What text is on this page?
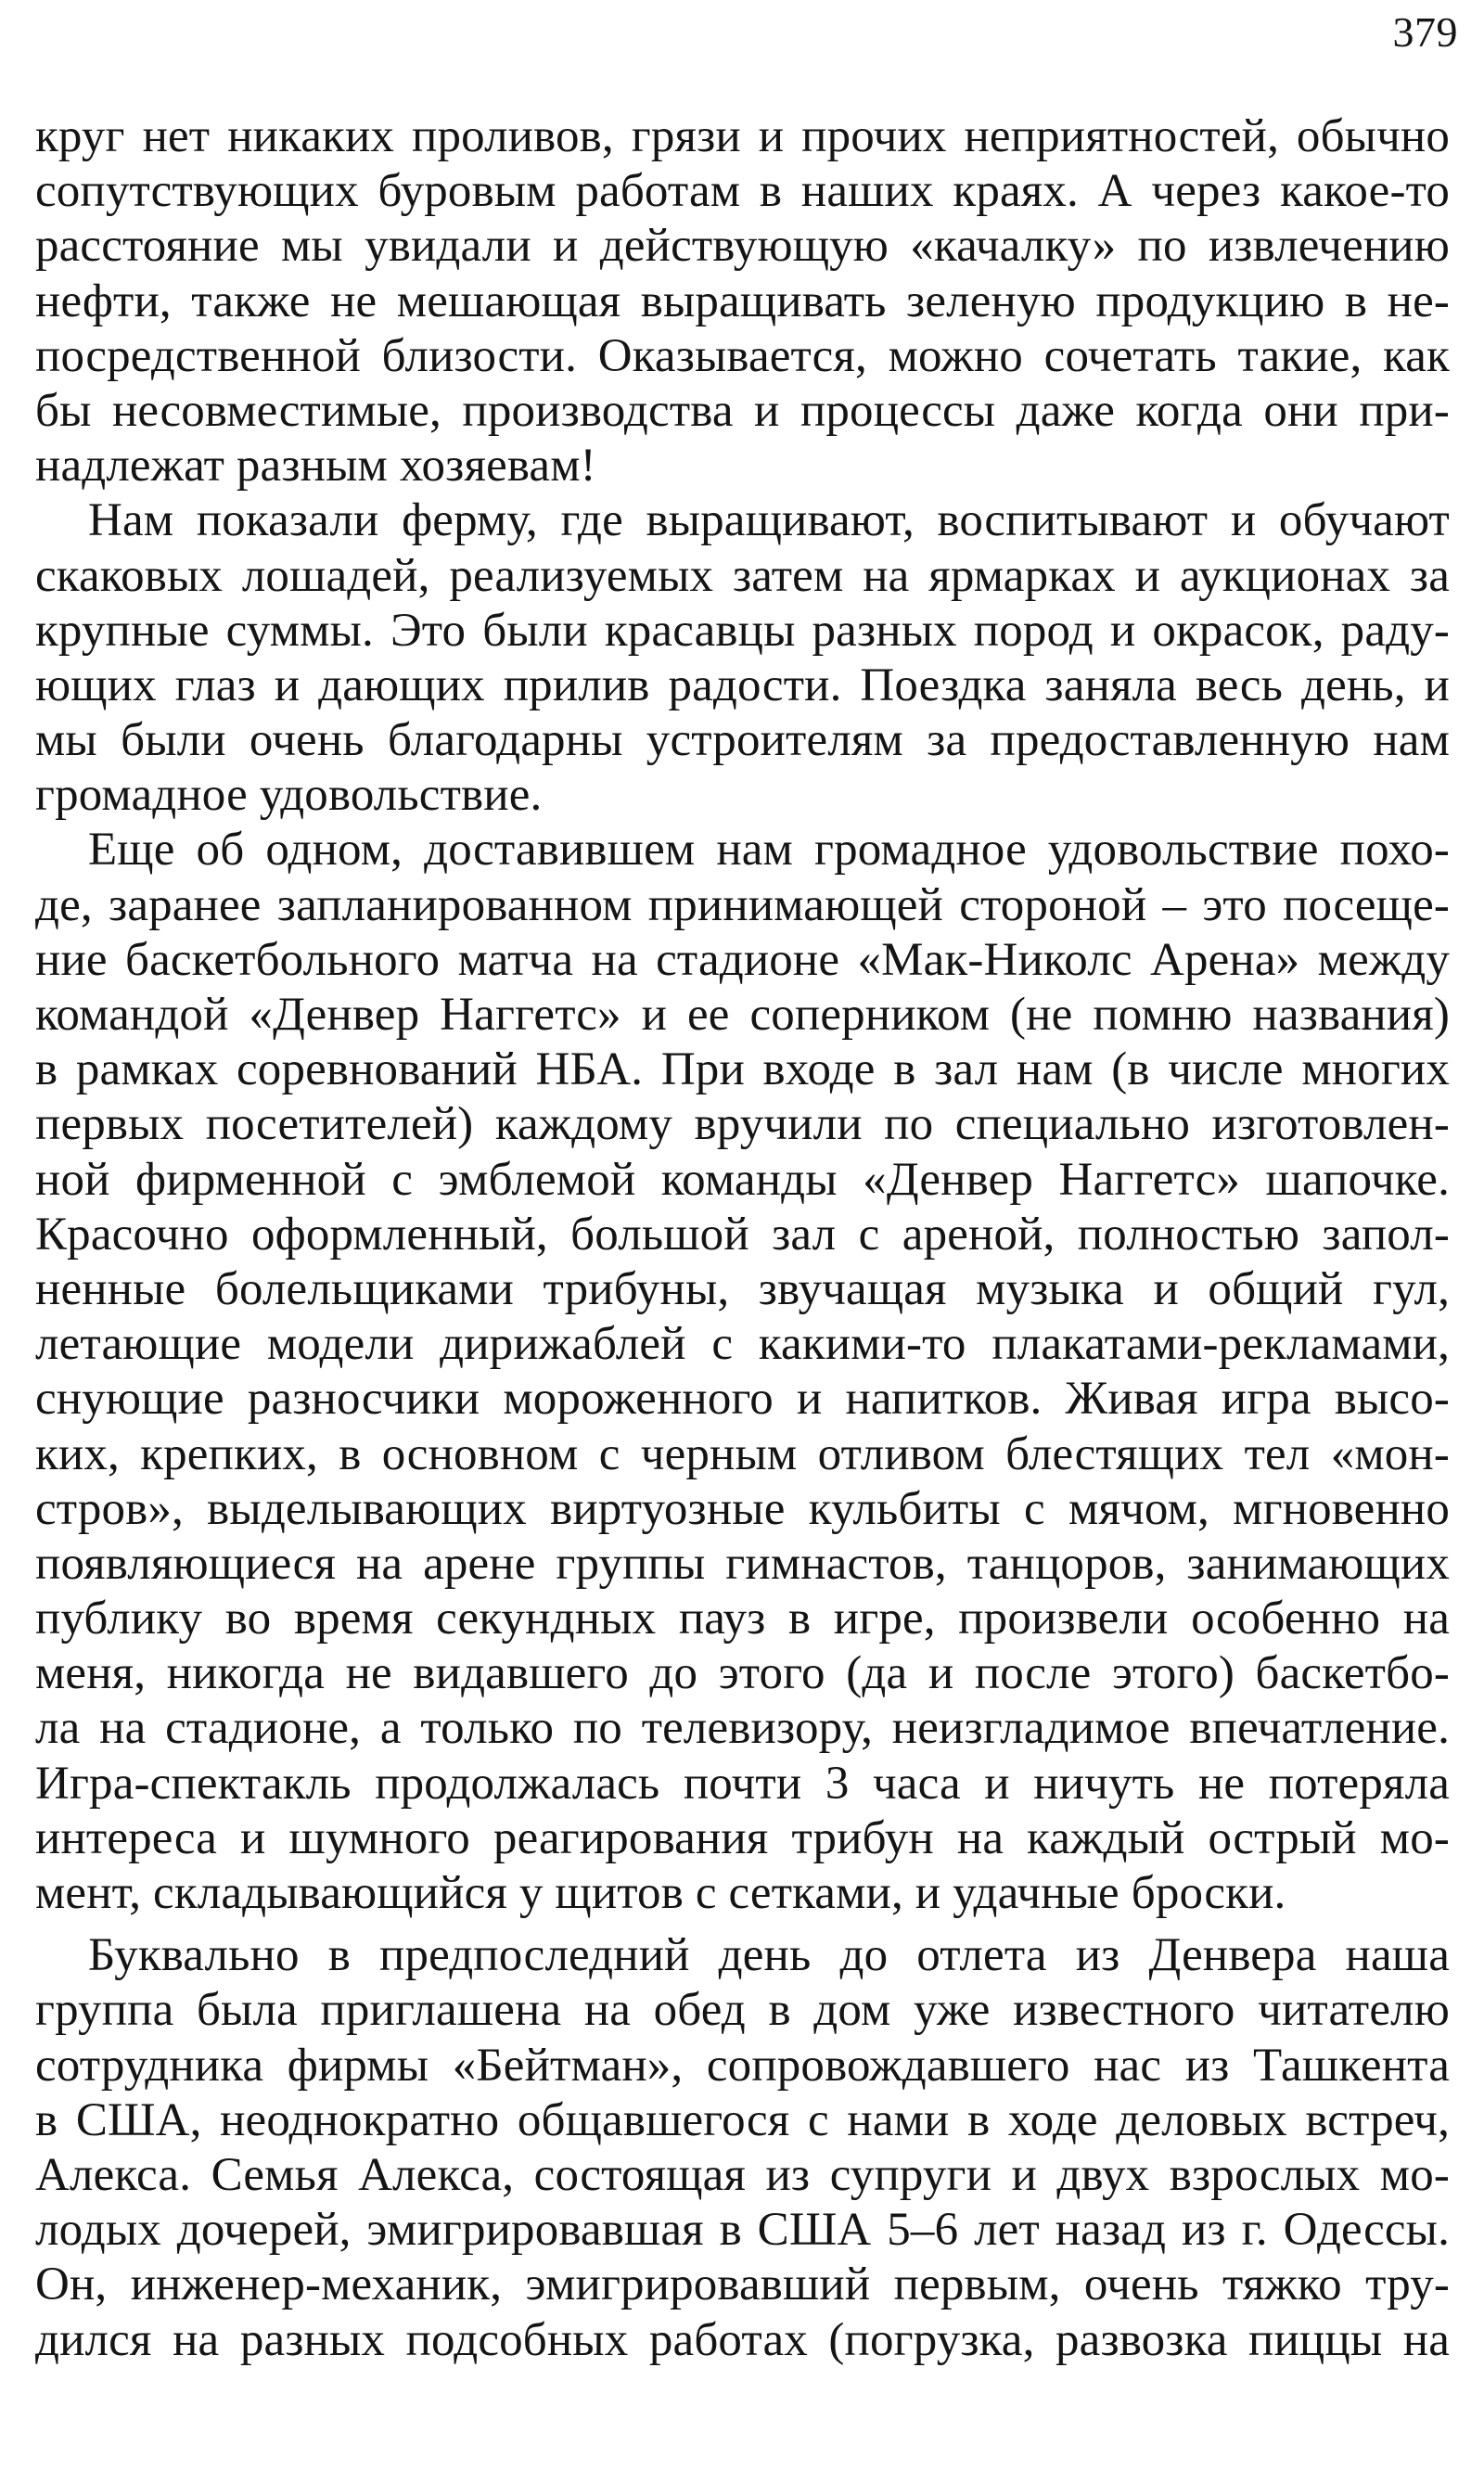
379
круг нет никаких проливов, грязи и прочих неприятностей, обычно
сопутствующих буровым работам в наших краях. А через какое-то
расстояние мы увидали и действующую «качалку» по извлечению
нефти, также не мешающая выращивать зеленую продукцию в не-
посредственной близости. Оказывается, можно сочетать такие, как
бы несовместимые, производства и процессы даже когда они при-
надлежат разным хозяевам!
Нам показали ферму, где выращивают, воспитывают и обучают
скаковых лошадей, реализуемых затем на ярмарках и аукционах за
крупные суммы. Это были красавцы разных пород и окрасок, раду-
ющих глаз и дающих прилив радости. Поездка заняла весь день, и
мы были очень благодарны устроителям за предоставленную нам
громадное удовольствие.
Еще об одном, доставившем нам громадное удовольствие похо-
де, заранее запланированном принимающей стороной – это посеще-
ние баскетбольного матча на стадионе «Мак-Николс Арена» между
командой «Денвер Наггетс» и ее соперником (не помню названия)
в рамках соревнований НБА. При входе в зал нам (в числе многих
первых посетителей) каждому вручили по специально изготовлен-
ной фирменной с эмблемой команды «Денвер Наггетс» шапочке.
Красочно оформленный, большой зал с ареной, полностью запол-
ненные болельщиками трибуны, звучащая музыка и общий гул,
летающие модели дирижаблей с какими-то плакатами-рекламами,
снующие разносчики мороженного и напитков. Живая игра высо-
ких, крепких, в основном с черным отливом блестящих тел «мон-
стров», выделывающих виртуозные кульбиты с мячом, мгновенно
появляющиеся на арене группы гимнастов, танцоров, занимающих
публику во время секундных пауз в игре, произвели особенно на
меня, никогда не видавшего до этого (да и после этого) баскетбо-
ла на стадионе, а только по телевизору, неизгладимое впечатление.
Игра-спектакль продолжалась почти 3 часа и ничуть не потеряла
интереса и шумного реагирования трибун на каждый острый мо-
мент, складывающийся у щитов с сетками, и удачные броски.
Буквально в предпоследний день до отлета из Денвера наша
группа была приглашена на обед в дом уже известного читателю
сотрудника фирмы «Бейтман», сопровождавшего нас из Ташкента
в США, неоднократно общавшегося с нами в ходе деловых встреч,
Алекса. Семья Алекса, состоящая из супруги и двух взрослых мо-
лодых дочерей, эмигрировавшая в США 5–6 лет назад из г. Одессы.
Он, инженер-механик, эмигрировавший первым, очень тяжко тру-
дился на разных подсобных работах (погрузка, развозка пиццы на
